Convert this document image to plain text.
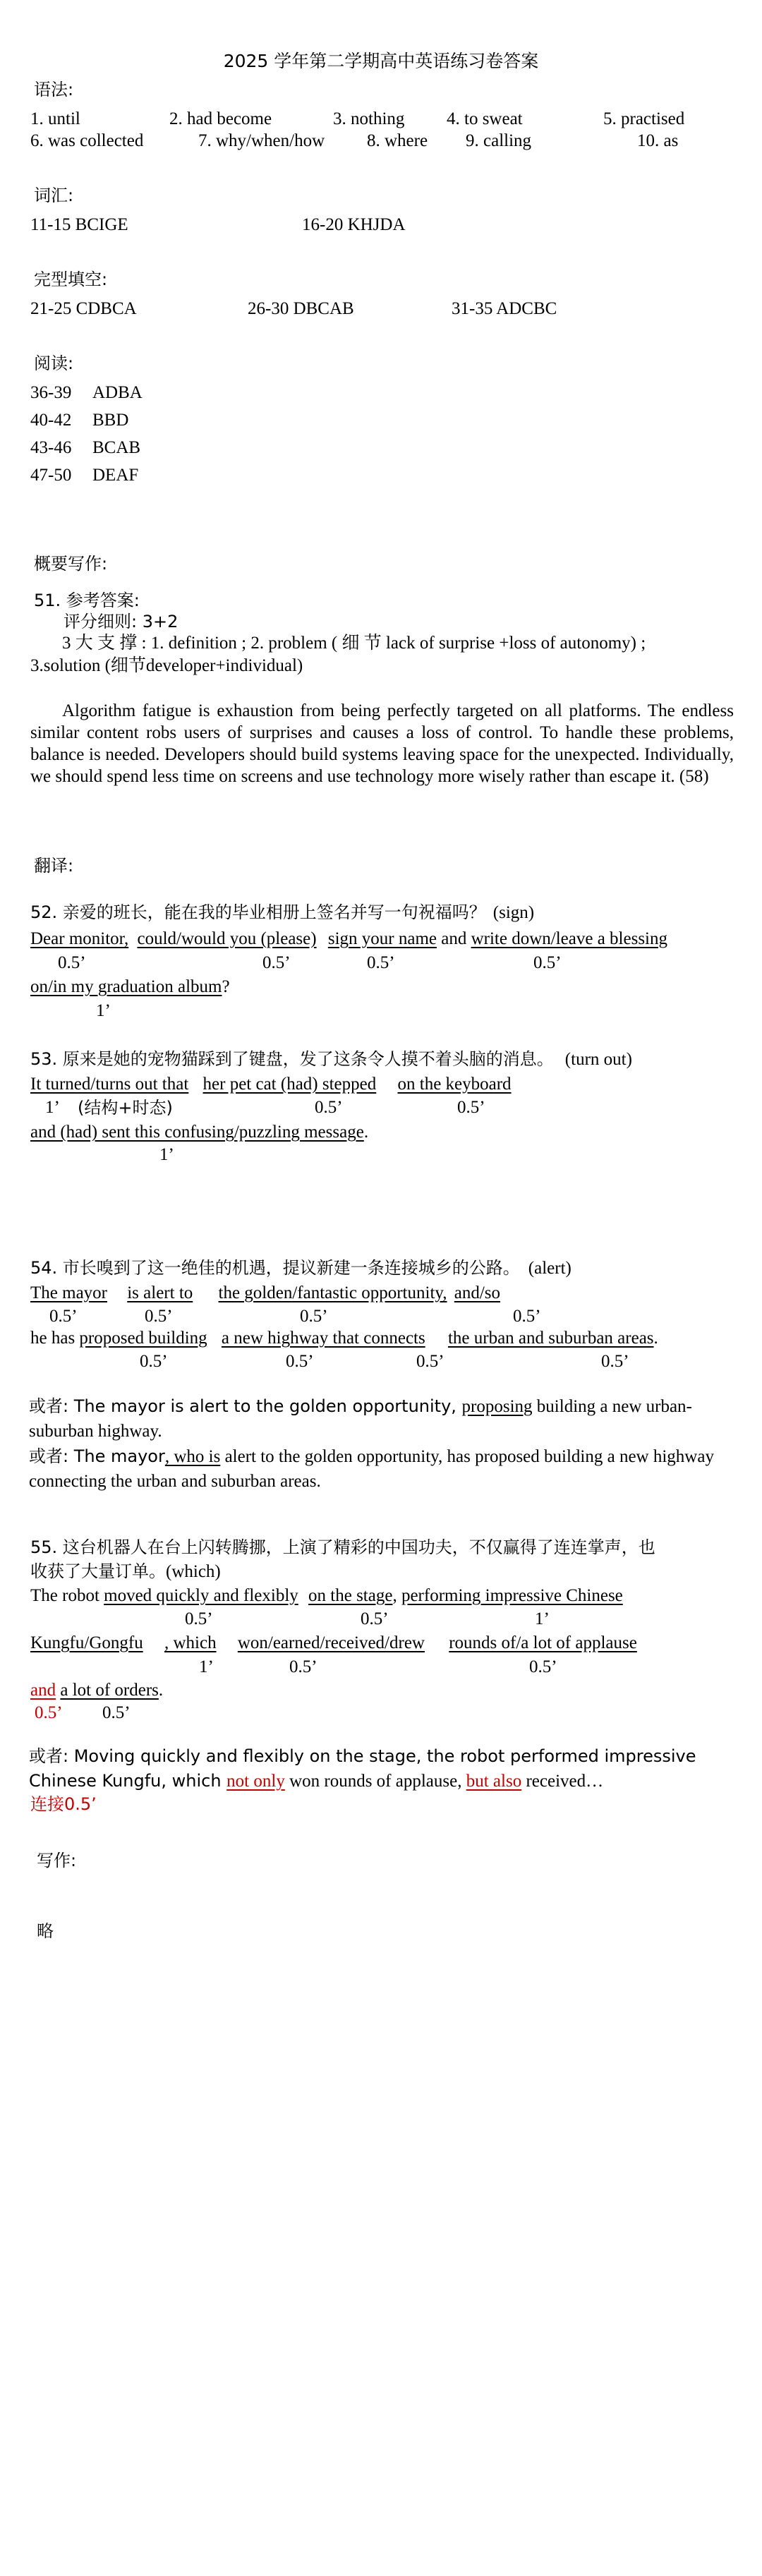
2025 学年第二学期高中英语练习卷答案
语法:
1. until	2. had become	3. nothing 4. to sweat	5. practised
6. was collected	7. why/when/how 8. where 9. calling	10. as
词汇:
11-15 BCIGE	16-20 KHJDA
完型填空:
21-25 CDBCA	26-30 DBCAB	31-35 ADCBC
阅读:
36-39 ADBA
40-42 BBD
43-46 BCAB
47-50 DEAF
概要写作:
51. 参考答案:
评分细则: 3+2
3 大 支 撑 : 1. definition ; 2. problem ( 细 节 lack of surprise +loss of autonomy) ;
3.solution (细节developer+individual)
Algorithm fatigue is exhaustion from being perfectly targeted on all platforms. The endless similar content robs users of surprises and causes a loss of control. To handle these problems, balance is needed. Developers should build systems leaving space for the unexpected. Individually, we should spend less time on screens and use technology more wisely rather than escape it. (58)
翻译:
52. 亲爱的班长，能在我的毕业相册上签名并写一句祝福吗？ (sign)
Dear monitor, could/would you (please) sign your name and write down/leave a blessing
0.5’	0.5’	0.5’	0.5’
on/in my graduation album?
1’
53. 原来是她的宠物猫踩到了键盘，发了这条令人摸不着头脑的消息。 (turn out)
It turned/turns out that her pet cat (had) stepped on the keyboard
1’ (结构+时态)	0.5’	0.5’
and (had) sent this confusing/puzzling message.
1’
54. 市长嗅到了这一绝佳的机遇，提议新建一条连接城乡的公路。 (alert)
The mayor is alert to the golden/fantastic opportunity, and/so
0.5’	0.5’	0.5’	0.5’
he has proposed building a new highway that connects the urban and suburban areas.
0.5’	0.5’	0.5’	0.5’
或者: The mayor is alert to the golden opportunity, proposing building a new urban-suburban highway.
或者: The mayor, who is alert to the golden opportunity, has proposed building a new highway connecting the urban and suburban areas.
55. 这台机器人在台上闪转腾挪，上演了精彩的中国功夫，不仅赢得了连连掌声，也
收获了大量订单。(which)
The robot moved quickly and flexibly on the stage, performing impressive Chinese
0.5’	0.5’	1’
Kungfu/Gongfu , which won/earned/received/drew rounds of/a lot of applause
1’	0.5’	0.5’
and a lot of orders.
0.5’ 0.5’
或者: Moving quickly and flexibly on the stage, the robot performed impressive Chinese Kungfu, which not only won rounds of applause, but also received…
连接0.5’
写作:
略
